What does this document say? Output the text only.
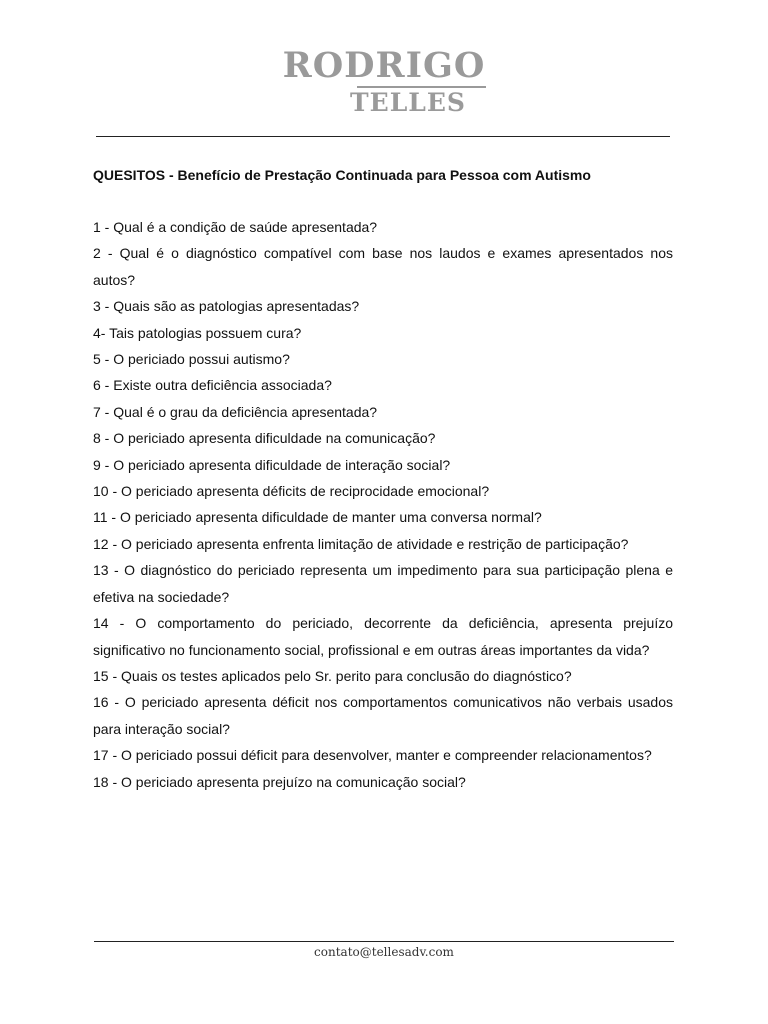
RODRIGO
TELLES
QUESITOS - Benefício de Prestação Continuada para Pessoa com Autismo

1 - Qual é a condição de saúde apresentada?

2 - Qual é o diagnóstico compatível com base nos laudos e exames apresentados nos autos?

3 - Quais são as patologias apresentadas?

4- Tais patologias possuem cura?

5 - O periciado possui autismo?

6 - Existe outra deficiência associada?

7 - Qual é o grau da deficiência apresentada?

8 - O periciado apresenta dificuldade na comunicação?

9 - O periciado apresenta dificuldade de interação social?

10 - O periciado apresenta déficits de reciprocidade emocional?

11 - O periciado apresenta dificuldade de manter uma conversa normal?

12 - O periciado apresenta enfrenta limitação de atividade e restrição de participação?

13 - O diagnóstico do periciado representa um impedimento para sua participação plena e efetiva na sociedade?

14 - O comportamento do periciado, decorrente da deficiência, apresenta prejuízo significativo no funcionamento social, profissional e em outras áreas importantes da vida?

15 - Quais os testes aplicados pelo Sr. perito para conclusão do diagnóstico?

16 - O periciado apresenta déficit nos comportamentos comunicativos não verbais usados para interação social?

17 - O periciado possui déficit para desenvolver, manter e compreender relacionamentos?

18 - O periciado apresenta prejuízo na comunicação social?

contato@tellesadv.com
